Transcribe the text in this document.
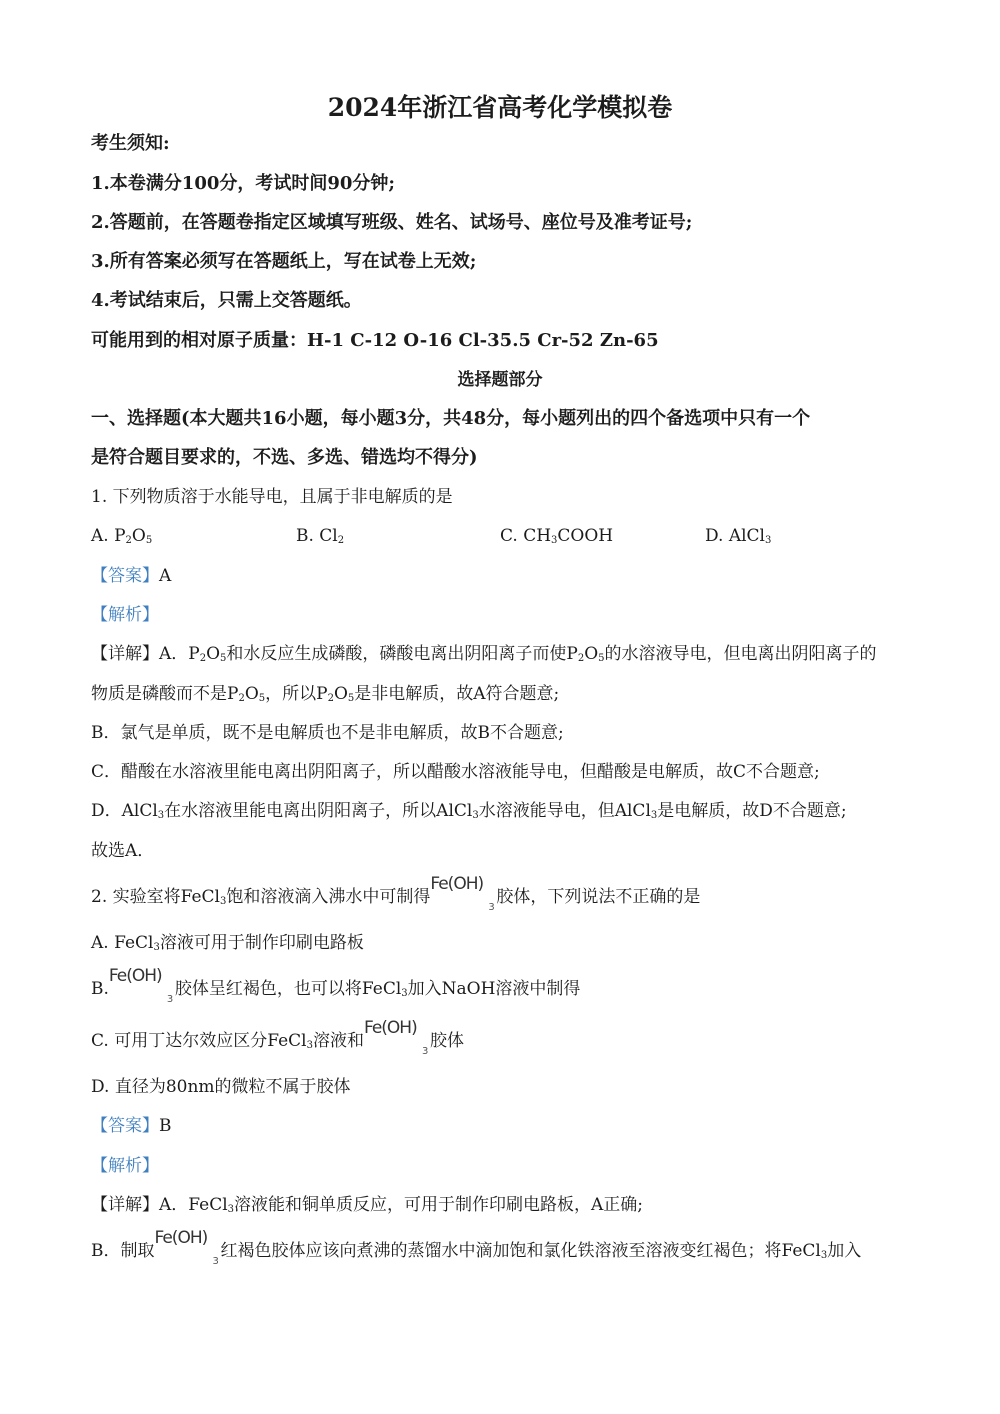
2024年浙江省高考化学模拟卷
考生须知:
1.本卷满分100分，考试时间90分钟;
2.答题前，在答题卷指定区域填写班级、姓名、试场号、座位号及准考证号;
3.所有答案必须写在答题纸上，写在试卷上无效;
4.考试结束后，只需上交答题纸。
可能用到的相对原子质量：H-1 C-12 O-16 Cl-35.5 Cr-52 Zn-65
选择题部分
一、选择题(本大题共16小题，每小题3分，共48分，每小题列出的四个备选项中只有一个
是符合题目要求的，不选、多选、错选均不得分)
1. 下列物质溶于水能导电，且属于非电解质的是
A. $P_2O_5$	B. $Cl_2$	C. $CH_3COOH$	D. AlCl$_3$
【答案】A
【解析】
【详解】A．$P_2O_5$和水反应生成磷酸，磷酸电离出阴阳离子而使$P_2O_5$的水溶液导电，但电离出阴阳离子的
物质是磷酸而不是$P_2O_5$，所以$P_2O_5$是非电解质，故A符合题意;
B．氯气是单质，既不是电解质也不是非电解质，故B不合题意;
C．醋酸在水溶液里能电离出阴阳离子，所以醋酸水溶液能导电，但醋酸是电解质，故C不合题意;
D．AlCl$_3$在水溶液里能电离出阴阳离子，所以AlCl$_3$水溶液能导电，但AlCl$_3$是电解质，故D不合题意;
故选A．
2. 实验室将FeCl$_3$饱和溶液滴入沸水中可制得
Fe(OH)
3 胶体，下列说法不正确的是
A. FeCl$_3$溶液可用于制作印刷电路板
B.
Fe(OH)
3 胶体呈红褐色，也可以将FeCl$_3$加入NaOH溶液中制得
C. 可用丁达尔效应区分FeCl$_3$溶液和
Fe(OH)
3 胶体
D. 直径为80nm的微粒不属于胶体
【答案】B
【解析】
【详解】A．FeCl$_3$溶液能和铜单质反应，可用于制作印刷电路板，A正确;
B．制取
Fe(OH)
3 红褐色胶体应该向煮沸的蒸馏水中滴加饱和氯化铁溶液至溶液变红褐色；将FeCl$_3$加入
